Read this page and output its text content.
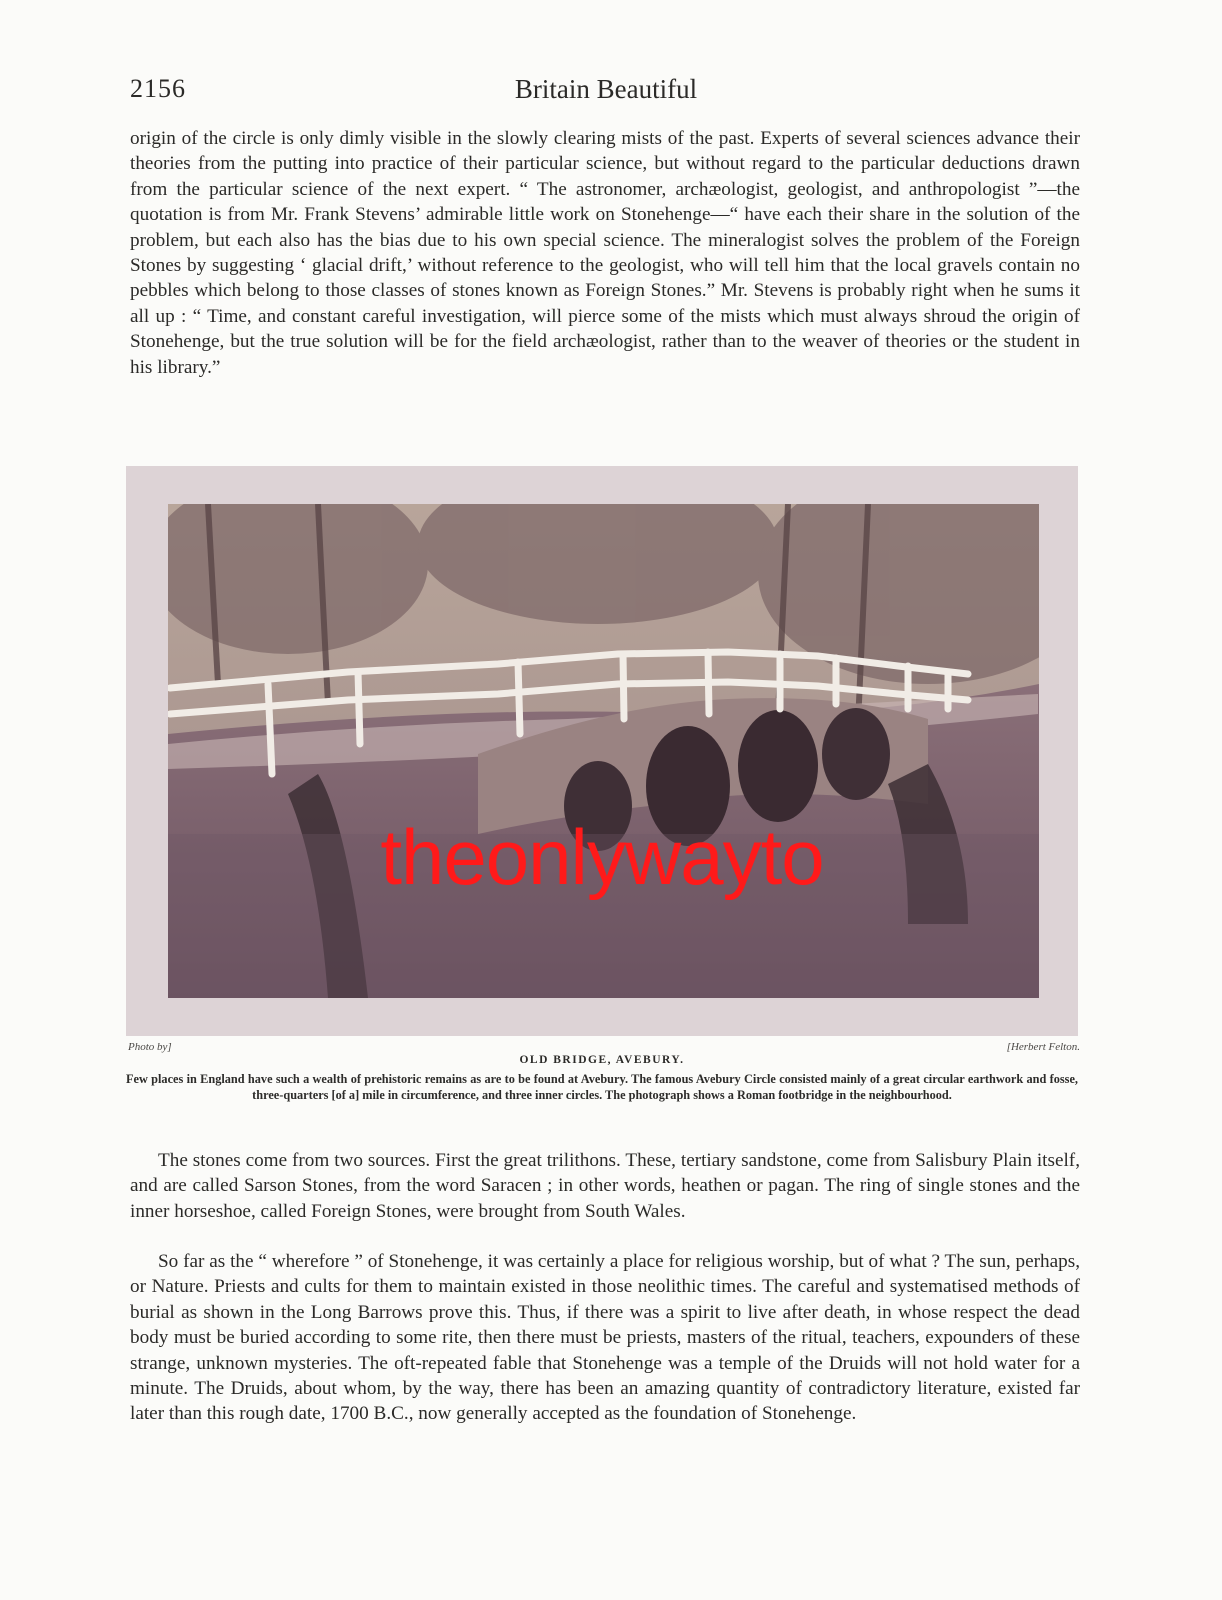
2156	Britain Beautiful

origin of the circle is only dimly visible in the slowly clearing mists of the past. Experts of several sciences advance their theories from the putting into practice of their particular science, but without regard to the particular deductions drawn from the particular science of the next expert. “ The astronomer, archæologist, geologist, and anthropologist ”—the quotation is from Mr. Frank Stevens’ admirable little work on Stonehenge—“ have each their share in the solution of the problem, but each also has the bias due to his own special science. The mineralogist solves the problem of the Foreign Stones by suggesting ‘ glacial drift,’ without reference to the geologist, who will tell him that the local gravels contain no pebbles which belong to those classes of stones known as Foreign Stones.” Mr. Stevens is probably right when he sums it all up : “ Time, and constant careful investigation, will pierce some of the mists which must always shroud the origin of Stonehenge, but the true solution will be for the field archæologist, rather than to the weaver of theories or the student in his library.”

theonlywayto
Photo by]	[Herbert Felton.
OLD BRIDGE, AVEBURY.

Few places in England have such a wealth of prehistoric remains as are to be found at Avebury. The famous Avebury Circle consisted mainly of a great circular earthwork and fosse, three-quarters [of a] mile in circumference, and three inner circles. The photograph shows a Roman footbridge in the neighbourhood.

The stones come from two sources. First the great trilithons. These, tertiary sandstone, come from Salisbury Plain itself, and are called Sarson Stones, from the word Saracen ; in other words, heathen or pagan. The ring of single stones and the inner horseshoe, called Foreign Stones, were brought from South Wales.

So far as the “ wherefore ” of Stonehenge, it was certainly a place for religious worship, but of what ? The sun, perhaps, or Nature. Priests and cults for them to maintain existed in those neolithic times. The careful and systematised methods of burial as shown in the Long Barrows prove this. Thus, if there was a spirit to live after death, in whose respect the dead body must be buried according to some rite, then there must be priests, masters of the ritual, teachers, expounders of these strange, unknown mysteries. The oft-repeated fable that Stonehenge was a temple of the Druids will not hold water for a minute. The Druids, about whom, by the way, there has been an amazing quantity of contradictory literature, existed far later than this rough date, 1700 B.C., now generally accepted as the foundation of Stonehenge.
